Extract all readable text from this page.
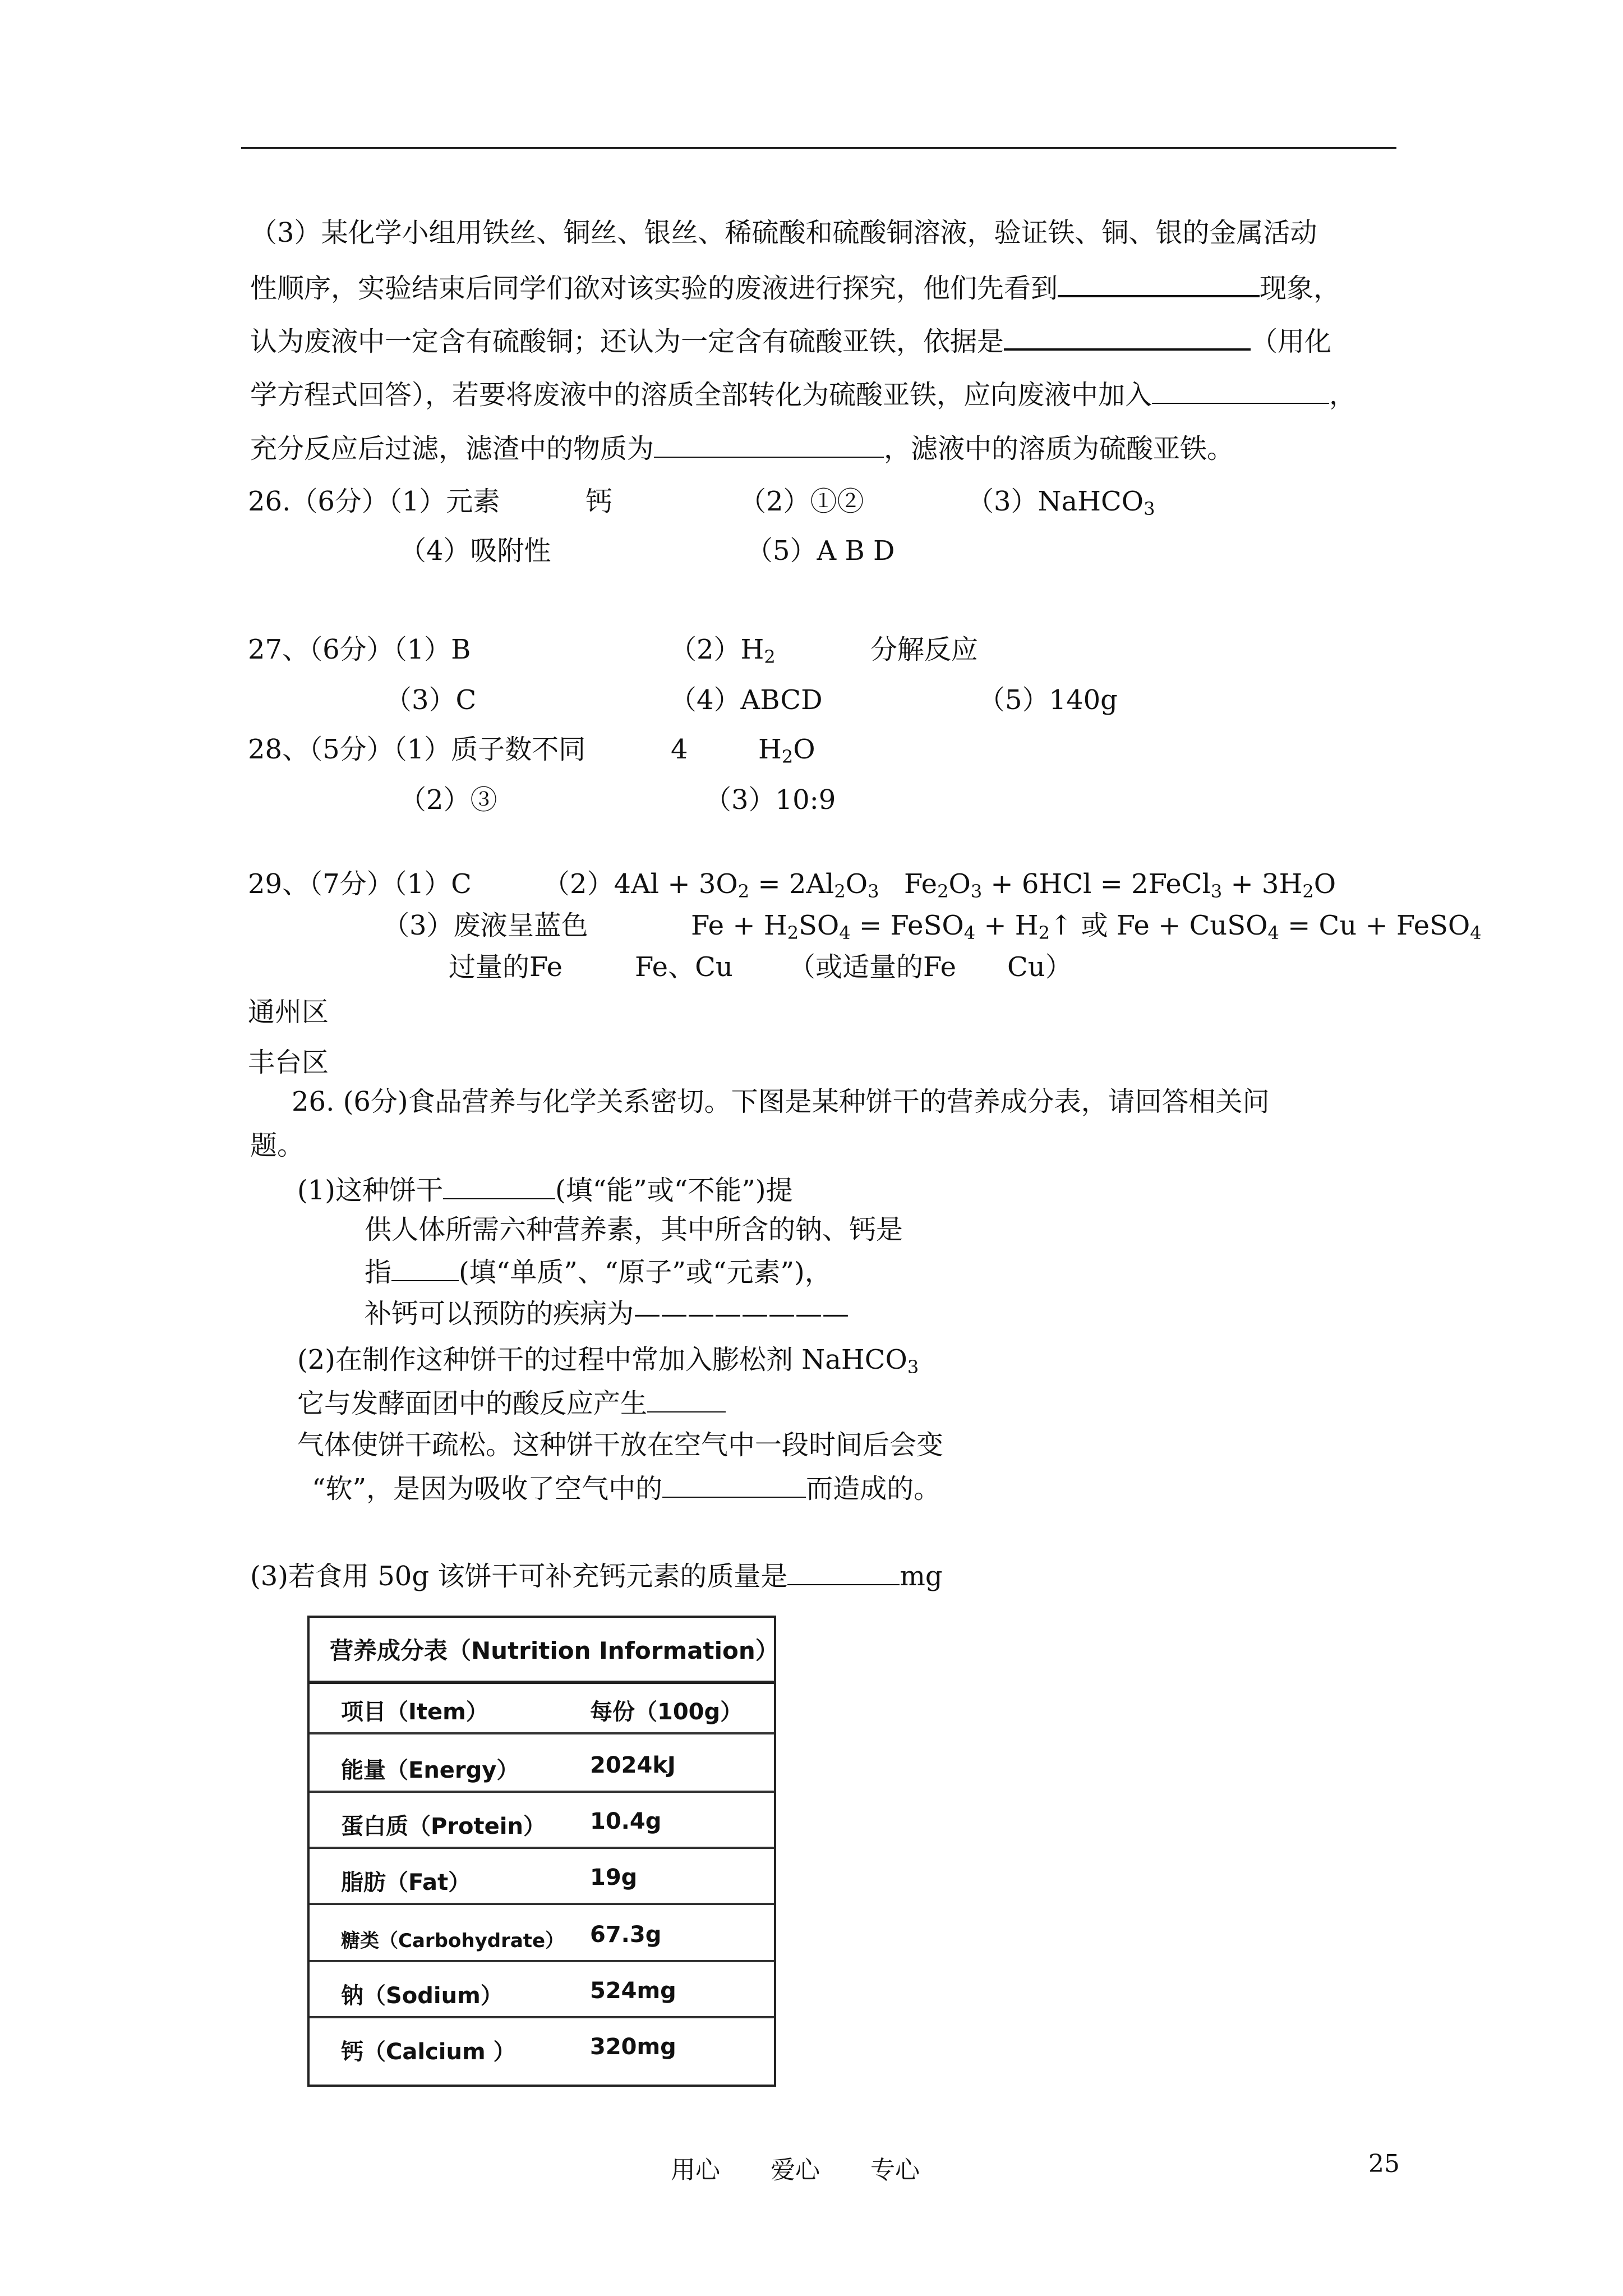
（3）某化学小组用铁丝、铜丝、银丝、稀硫酸和硫酸铜溶液，验证铁、铜、银的金属活动
性顺序，实验结束后同学们欲对该实验的废液进行探究，他们先看到	现象，
认为废液中一定含有硫酸铜；还认为一定含有硫酸亚铁，依据是	（用化
学方程式回答），若要将废液中的溶质全部转化为硫酸亚铁，应向废液中加入	，
充分反应后过滤，滤渣中的物质为	，滤液中的溶质为硫酸亚铁。
26.（6分）（1）元素	钙	（2）①②	（3）NaHCO$_3$
（4）吸附性	（5）A B D
27、（6分）（1）B	$(2)H_2$	分解反应
（3）C	（4）ABCD	（5）140g
28、（5分）（1）质子数不同	4	$H_2O$
（2）③	（3）10:9
29、（7分）（1）C	$(2)4Al + 3O_2 = 2Al_2O_3$ $Fe_2O_3 + 6HCl$ = 2FeCl$_3$ + $3H_2O$
（3）废液呈蓝色	$Fe + H_2SO_4$ = FeSO$_4$ + $H_2↑$ 或 Fe + CuSO$_4$ = Cu + FeSO$_4$
过量的Fe	Fe、Cu （或适量的Fe Cu）
通州区
丰台区
26. (6分)食品营养与化学关系密切。下图是某种饼干的营养成分表，请回答相关问
题。
(1)这种饼干	(填“能”或“不能”)提
供人体所需六种营养素，其中所含的钠、钙是
指	(填“单质”、“原子”或“元素”)，
补钙可以预防的疾病为————————
(2)在制作这种饼干的过程中常加入膨松剂 NaHCO$_3$
它与发酵面团中的酸反应产生
气体使饼干疏松。这种饼干放在空气中一段时间后会变
“软”，是因为吸收了空气中的	而造成的。
(3)若食用 50g 该饼干可补充钙元素的质量是	mg
营养成分表（Nutrition Information）
项目（Item）	每份（100g）
能量（Energy）	2024kJ
蛋白质（Protein） 10.4g
脂肪（Fat）	19g
糖类（Carbohydrate） 67.3g
钠（Sodium）	524mg
钙（Calcium ）	320mg
用心 爱心 专心	25
